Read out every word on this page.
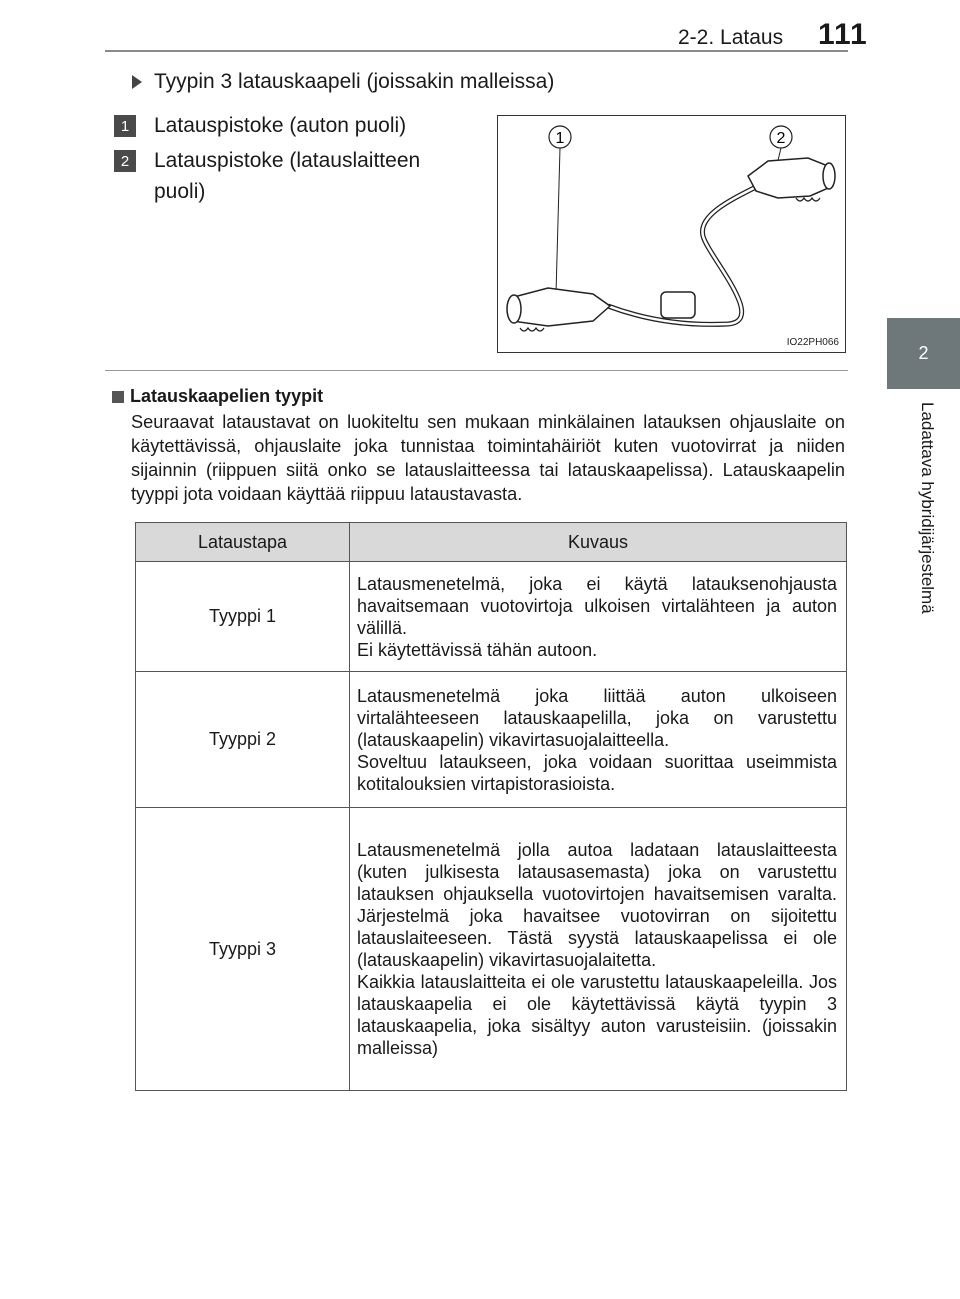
2-2. Lataus 111
2
Ladattava hybridijärjestelmä
Tyypin 3 latauskaapeli (joissakin malleissa)
1	Latauspistoke (auton puoli)
2	Latauspistoke (latauslaitteen puoli)
1	2
IO22PH066
Latauskaapelien tyypit
Seuraavat lataustavat on luokiteltu sen mukaan minkälainen latauksen ohjauslaite on käytettävissä, ohjauslaite joka tunnistaa toimintahäiriöt kuten vuotovirrat ja niiden sijainnin (riippuen siitä onko se latauslaitteessa tai latauskaapelissa). Latauskaapelin tyyppi jota voidaan käyttää riippuu lataustavasta.
Lataustapa	Kuvaus
Tyyppi 1	Latausmenetelmä, joka ei käytä latauksenohjausta havaitsemaan vuotovirtoja ulkoisen virtalähteen ja auton välillä.
Ei käytettävissä tähän autoon.

Tyyppi 2	Latausmenetelmä joka liittää auton ulkoiseen virtalähteeseen latauskaapelilla, joka on varustettu (latauskaapelin) vikavirtasuojalaitteella.
Soveltuu lataukseen, joka voidaan suorittaa useimmista kotitalouksien virtapistorasioista.

Tyyppi 3	Latausmenetelmä jolla autoa ladataan latauslaitteesta (kuten julkisesta latausasemasta) joka on varustettu latauksen ohjauksella vuotovirtojen havaitsemisen varalta. Järjestelmä joka havaitsee vuotovirran on sijoitettu latauslaiteeseen. Tästä syystä latauskaapelissa ei ole (latauskaapelin) vikavirtasuojalaitetta.
Kaikkia latauslaitteita ei ole varustettu latauskaapeleilla. Jos latauskaapelia ei ole käytettävissä käytä tyypin 3 latauskaapelia, joka sisältyy auton varusteisiin. (joissakin malleissa)
